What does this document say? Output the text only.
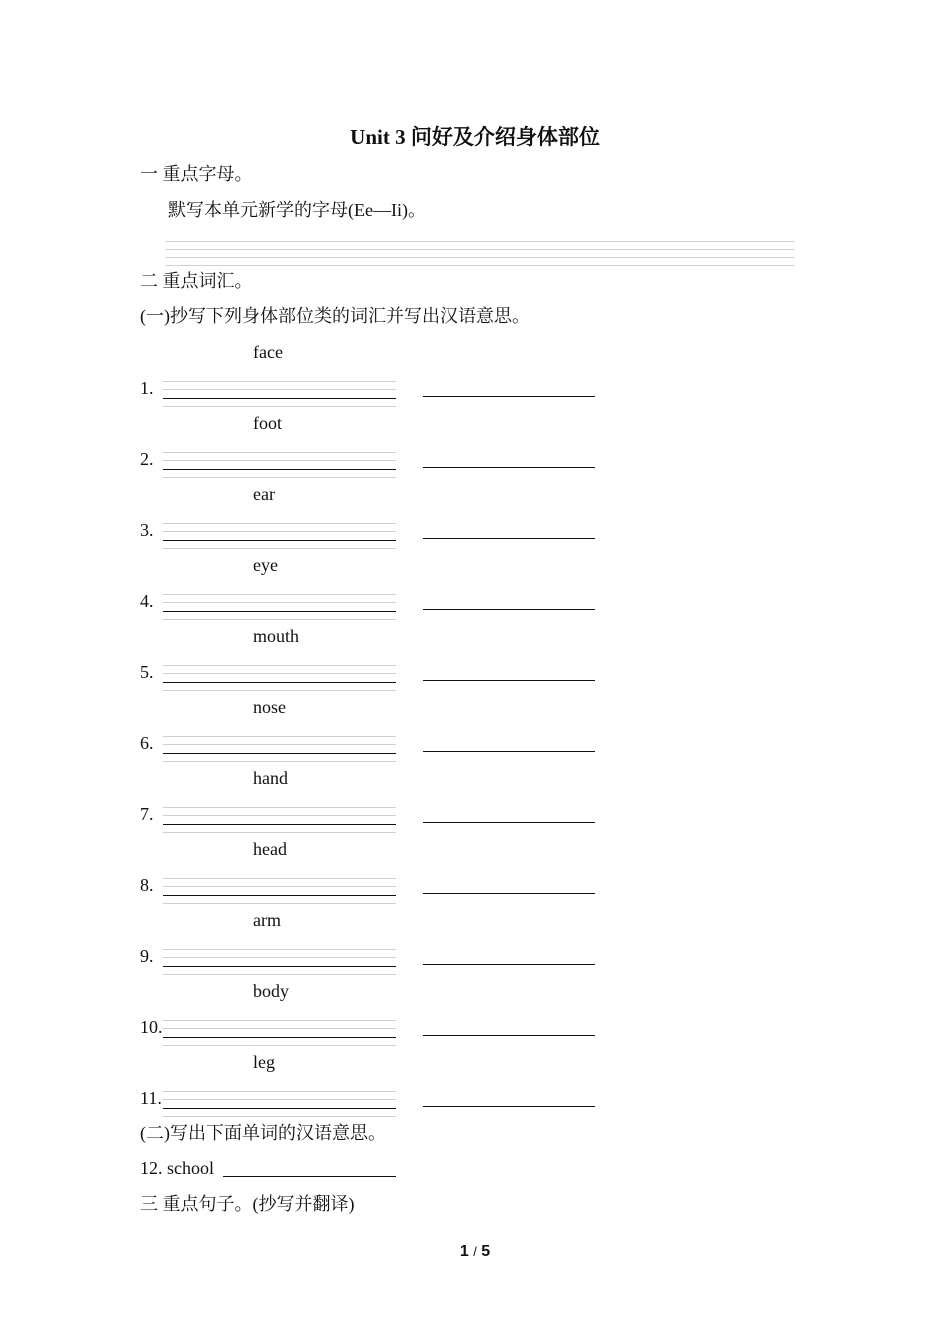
Unit 3 问好及介绍身体部位
一 重点字母。
默写本单元新学的字母(Ee—Ii)。
二 重点词汇。
(一)抄写下列身体部位类的词汇并写出汉语意思。
face
1.
foot
2.
ear
3.
eye
4.
mouth
5.
nose
6.
hand
7.
head
8.
arm
9.
body
10.
leg
11.
(二)写出下面单词的汉语意思。
12. school
三 重点句子。(抄写并翻译)
1 / 5
